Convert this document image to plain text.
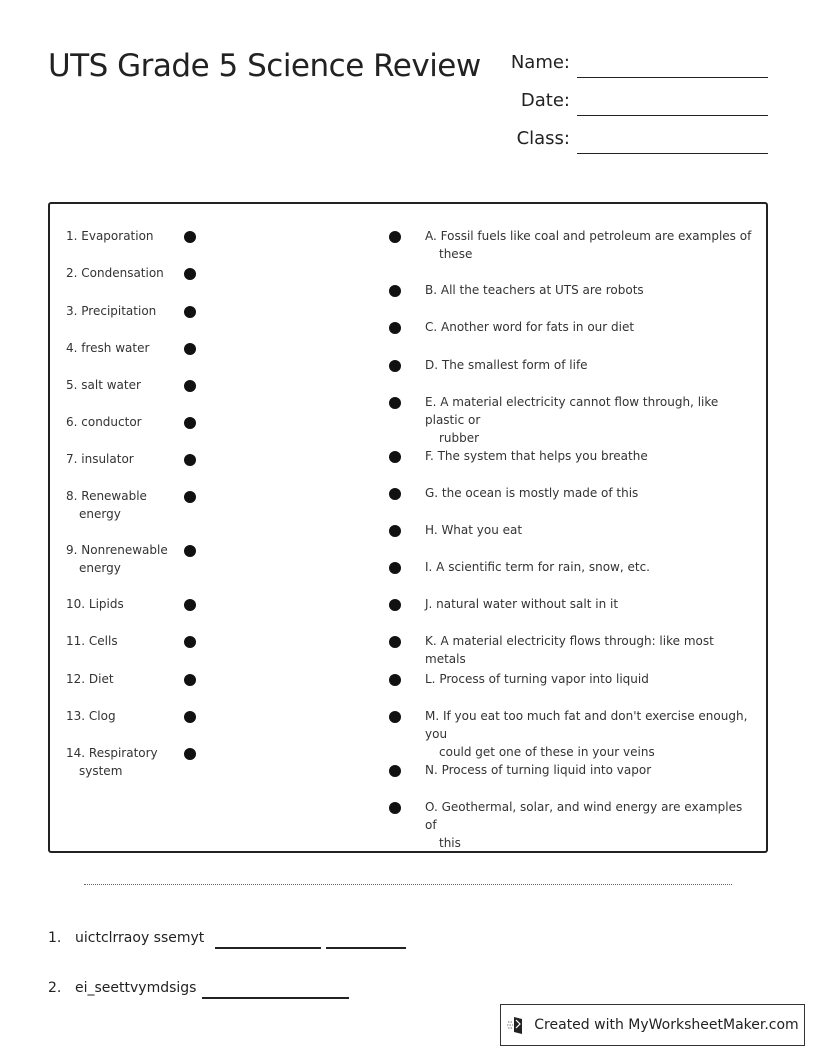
UTS Grade 5 Science Review	Name:
Date:
Class:
1. Evaporation
2. Condensation
3. Precipitation
4. fresh water
5. salt water
6. conductor
7. insulator
8. Renewable

energy
9. Nonrenewable

energy
10. Lipids
11. Cells
12. Diet
13. Clog
14. Respiratory

system
A. Fossil fuels like coal and petroleum are examples of

these
B. All the teachers at UTS are robots
C. Another word for fats in our diet
D. The smallest form of life
E. A material electricity cannot flow through, like plastic or

rubber
F. The system that helps you breathe
G. the ocean is mostly made of this
H. What you eat
I. A scientific term for rain, snow, etc.
J. natural water without salt in it
K. A material electricity flows through: like most metals
L. Process of turning vapor into liquid
M. If you eat too much fat and don't exercise enough, you

could get one of these in your veins
N. Process of turning liquid into vapor
O. Geothermal, solar, and wind energy are examples of

this
1. uictclrraoy ssemyt
2. ei_seettvymdsigs
Created with MyWorksheetMaker.com
